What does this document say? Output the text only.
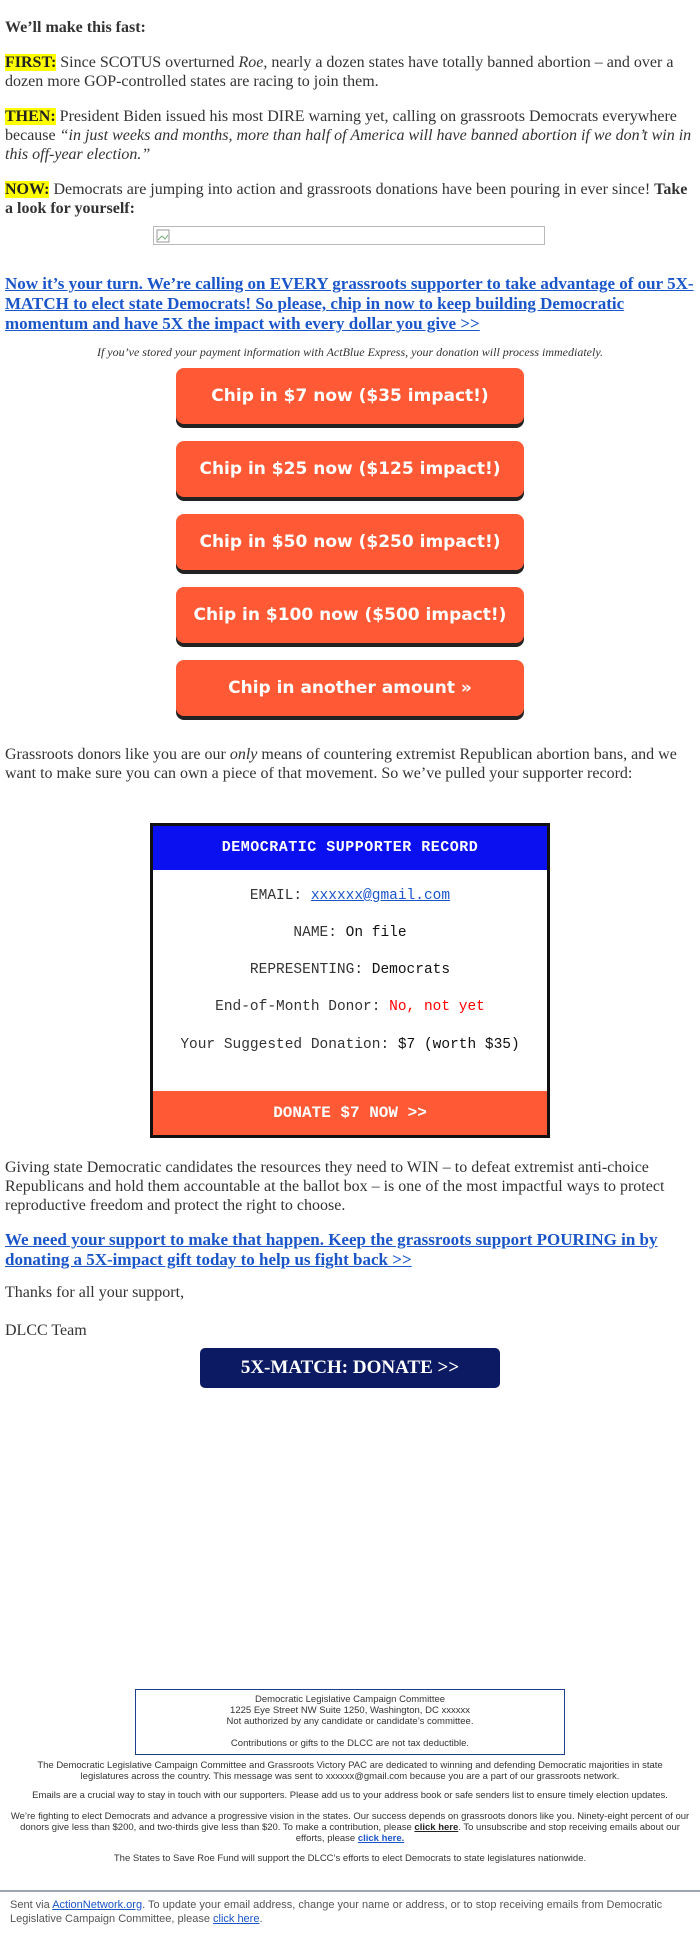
We’ll make this fast:

FIRST: Since SCOTUS overturned Roe, nearly a dozen states have totally banned abortion – and over a dozen more GOP-controlled states are racing to join them.

THEN: President Biden issued his most DIRE warning yet, calling on grassroots Democrats everywhere because “in just weeks and months, more than half of America will have banned abortion if we don’t win in this off-year election.”

NOW: Democrats are jumping into action and grassroots donations have been pouring in ever since! Take a look for yourself:

Now it’s your turn. We’re calling on EVERY grassroots supporter to take advantage of our 5X-MATCH to elect state Democrats! So please, chip in now to keep building Democratic momentum and have 5X the impact with every dollar you give >>

If you’ve stored your payment information with ActBlue Express, your donation will process immediately.

Chip in $7 now ($35 impact!)
Chip in $25 now ($125 impact!)
Chip in $50 now ($250 impact!)
Chip in $100 now ($500 impact!)
Chip in another amount »

Grassroots donors like you are our only means of countering extremist Republican abortion bans, and we want to make sure you can own a piece of that movement. So we’ve pulled your supporter record:

DEMOCRATIC SUPPORTER RECORD
EMAIL: xxxxxx@gmail.com
NAME: On file
REPRESENTING: Democrats
End-of-Month Donor: No, not yet
Your Suggested Donation: $7 (worth $35)
DONATE $7 NOW >>

Giving state Democratic candidates the resources they need to WIN – to defeat extremist anti-choice Republicans and hold them accountable at the ballot box – is one of the most impactful ways to protect reproductive freedom and protect the right to choose.

We need your support to make that happen. Keep the grassroots support POURING in by donating a 5X-impact gift today to help us fight back >>

Thanks for all your support,

DLCC Team

5X-MATCH: DONATE >>
Democratic Legislative Campaign Committee
1225 Eye Street NW Suite 1250, Washington, DC xxxxxx
Not authorized by any candidate or candidate’s committee.
Contributions or gifts to the DLCC are not tax deductible.
The Democratic Legislative Campaign Committee and Grassroots Victory PAC are dedicated to winning and defending Democratic majorities in state legislatures across the country. This message was sent to xxxxxx@gmail.com because you are a part of our grassroots network.
Emails are a crucial way to stay in touch with our supporters. Please add us to your address book or safe senders list to ensure timely election updates.
We’re fighting to elect Democrats and advance a progressive vision in the states. Our success depends on grassroots donors like you. Ninety-eight percent of our donors give less than $200, and two-thirds give less than $20. To make a contribution, please click here. To unsubscribe and stop receiving emails about our efforts, please click here.
The States to Save Roe Fund will support the DLCC’s efforts to elect Democrats to state legislatures nationwide.
Sent via ActionNetwork.org. To update your email address, change your name or address, or to stop receiving emails from Democratic Legislative Campaign Committee, please click here.
